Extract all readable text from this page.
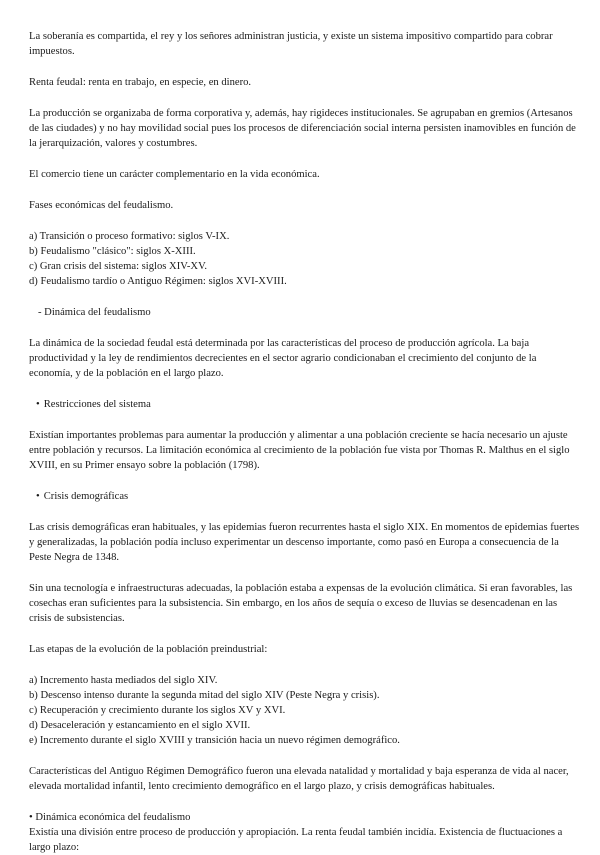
La soberanía es compartida, el rey y los señores administran justicia, y existe un sistema impositivo compartido para cobrar impuestos.

Renta feudal: renta en trabajo, en especie, en dinero.

La producción se organizaba de forma corporativa y, además, hay rigideces institucionales. Se agrupaban en gremios (Artesanos de las ciudades) y no hay movilidad social pues los procesos de diferenciación social interna persisten inamovibles en función de la jerarquización, valores y costumbres.

El comercio tiene un carácter complementario en la vida económica.

Fases económicas del feudalismo.

a) Transición o proceso formativo: siglos V-IX.
b) Feudalismo "clásico": siglos X-XIII.
c) Gran crisis del sistema: siglos XIV-XV.
d) Feudalismo tardío o Antiguo Régimen: siglos XVI-XVIII.

- Dinámica del feudalismo

La dinámica de la sociedad feudal está determinada por las características del proceso de producción agrícola. La baja productividad y la ley de rendimientos decrecientes en el sector agrario condicionaban el crecimiento del conjunto de la economía, y de la población en el largo plazo.

• Restricciones del sistema

Existían importantes problemas para aumentar la producción y alimentar a una población creciente se hacía necesario un ajuste entre población y recursos. La limitación económica al crecimiento de la población fue vista por Thomas R. Malthus en el siglo XVIII, en su Primer ensayo sobre la población (1798).

• Crisis demográficas

Las crisis demográficas eran habituales, y las epidemias fueron recurrentes hasta el siglo XIX. En momentos de epidemias fuertes y generalizadas, la población podía incluso experimentar un descenso importante, como pasó en Europa a consecuencia de la Peste Negra de 1348.

Sin una tecnología e infraestructuras adecuadas, la población estaba a expensas de la evolución climática. Si eran favorables, las cosechas eran suficientes para la subsistencia. Sin embargo, en los años de sequía o exceso de lluvias se desencadenan en las crisis de subsistencias.

Las etapas de la evolución de la población preindustrial:

a) Incremento hasta mediados del siglo XIV.
b) Descenso intenso durante la segunda mitad del siglo XIV (Peste Negra y crisis).
c) Recuperación y crecimiento durante los siglos XV y XVI.
d) Desaceleración y estancamiento en el siglo XVII.
e) Incremento durante el siglo XVIII y transición hacia un nuevo régimen demográfico.

Características del Antiguo Régimen Demográfico fueron una elevada natalidad y mortalidad y baja esperanza de vida al nacer, elevada mortalidad infantil, lento crecimiento demográfico en el largo plazo, y crisis demográficas habituales.

• Dinámica económica del feudalismo

Existía una división entre proceso de producción y apropiación. La renta feudal también incidía. Existencia de fluctuaciones a largo plazo:
